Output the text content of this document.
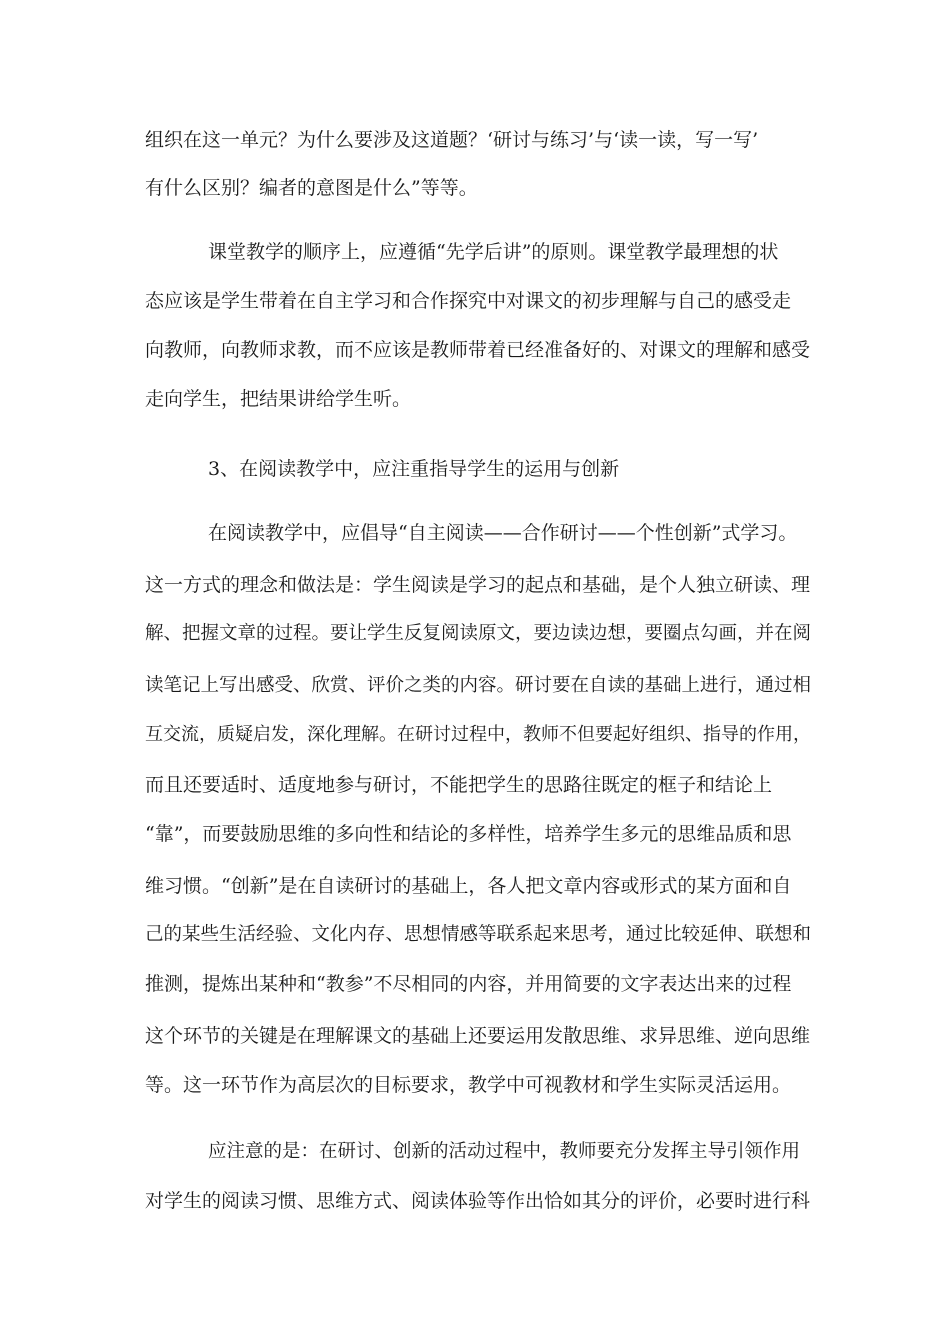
组织在这一单元？为什么要涉及这道题？‘研讨与练习’与‘读一读，写一写’
有什么区别？编者的意图是什么”等等。
课堂教学的顺序上，应遵循“先学后讲”的原则。课堂教学最理想的状
态应该是学生带着在自主学习和合作探究中对课文的初步理解与自己的感受走
向教师，向教师求教，而不应该是教师带着已经准备好的、对课文的理解和感受
走向学生，把结果讲给学生听。
3、在阅读教学中，应注重指导学生的运用与创新
在阅读教学中，应倡导“自主阅读——合作研讨——个性创新”式学习。
这一方式的理念和做法是：学生阅读是学习的起点和基础，是个人独立研读、理
解、把握文章的过程。要让学生反复阅读原文，要边读边想，要圈点勾画，并在阅
读笔记上写出感受、欣赏、评价之类的内容。研讨要在自读的基础上进行，通过相
互交流，质疑启发，深化理解。在研讨过程中，教师不但要起好组织、指导的作用，
而且还要适时、适度地参与研讨，不能把学生的思路往既定的框子和结论上
“靠”，而要鼓励思维的多向性和结论的多样性，培养学生多元的思维品质和思
维习惯。“创新”是在自读研讨的基础上，各人把文章内容或形式的某方面和自
己的某些生活经验、文化内存、思想情感等联系起来思考，通过比较延伸、联想和
推测，提炼出某种和“教参”不尽相同的内容，并用简要的文字表达出来的过程
这个环节的关键是在理解课文的基础上还要运用发散思维、求异思维、逆向思维
等。这一环节作为高层次的目标要求，教学中可视教材和学生实际灵活运用。
应注意的是：在研讨、创新的活动过程中，教师要充分发挥主导引领作用
对学生的阅读习惯、思维方式、阅读体验等作出恰如其分的评价，必要时进行科
